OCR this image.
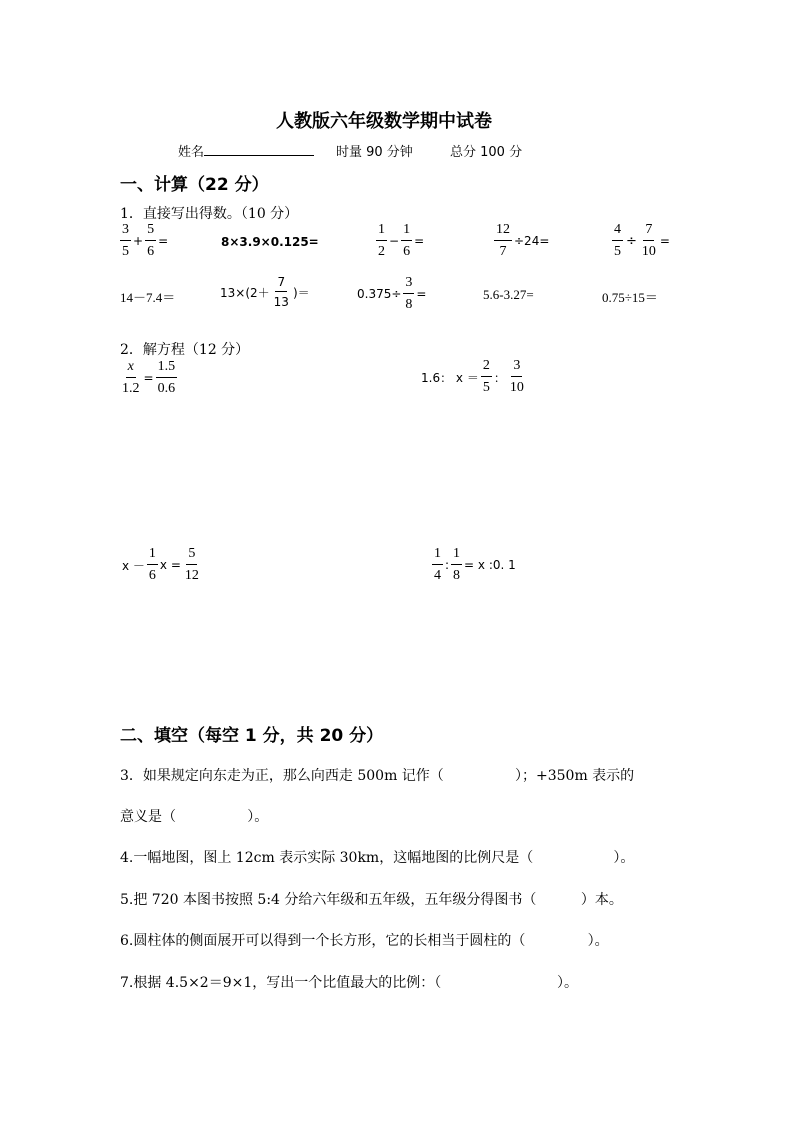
人教版六年级数学期中试卷
姓名	时量 90 分钟	总分 100 分
一、计算（22 分）
1．直接写出得数。（10 分）
$\frac{3}{5} + \frac{5}{6}$ =	8×3.9×0.125=	$\frac{1}{2} - \frac{1}{6}$ =	$\frac{12}{7} \div 24=$	$\frac{4}{5} \div \frac{7}{10}$ =
14－7.4＝	$13\times(2+ \frac{7}{13}$ )＝	$0.375\div \frac{3}{8}$ =	5.6-3.27=	0.75÷15＝
2．解方程（12 分）
$\frac{x}{1.2} = \frac{1.5}{0.6}$	1.6： $x = \frac{2}{5}$ ： $\frac{3}{10}$
$x - \frac{1}{6}$ $x = \frac{5}{12}$	$\frac{1}{4}$ : $\frac{1}{8} = x$ :0. 1
二、填空（每空 1 分，共 20 分）
3．如果规定向东走为正，那么向西走 500m 记作（                ）；+350m 表示的
意义是（                ）。
4.一幅地图，图上 12cm 表示实际 30km，这幅地图的比例尺是（                  ）。
5.把 720 本图书按照 5:4 分给六年级和五年级，五年级分得图书（          ）本。
6.圆柱体的侧面展开可以得到一个长方形，它的长相当于圆柱的（              ）。
7.根据 4.5×2＝9×1，写出一个比值最大的比例：（                          ）。
